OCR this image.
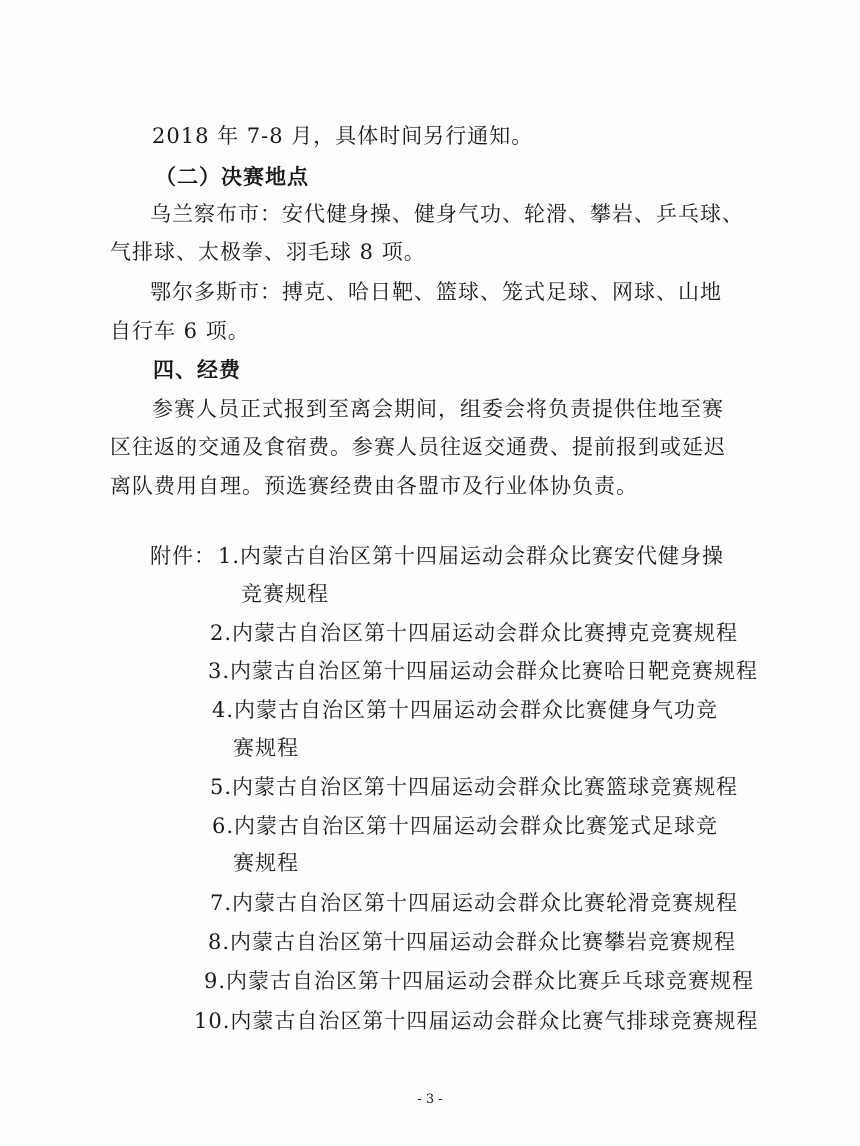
2018 年 7-8 月，具体时间另行通知。
（二）决赛地点
乌兰察布市：安代健身操、健身气功、轮滑、攀岩、乒乓球、
气排球、太极拳、羽毛球 8 项。
鄂尔多斯市：搏克、哈日靶、篮球、笼式足球、网球、山地
自行车 6 项。
四、经费
参赛人员正式报到至离会期间，组委会将负责提供住地至赛
区往返的交通及食宿费。参赛人员往返交通费、提前报到或延迟
离队费用自理。预选赛经费由各盟市及行业体协负责。
附件： 1.内蒙古自治区第十四届运动会群众比赛安代健身操
竞赛规程
2.内蒙古自治区第十四届运动会群众比赛搏克竞赛规程
3.内蒙古自治区第十四届运动会群众比赛哈日靶竞赛规程
4.内蒙古自治区第十四届运动会群众比赛健身气功竞
赛规程
5.内蒙古自治区第十四届运动会群众比赛篮球竞赛规程
6.内蒙古自治区第十四届运动会群众比赛笼式足球竞
赛规程
7.内蒙古自治区第十四届运动会群众比赛轮滑竞赛规程
8.内蒙古自治区第十四届运动会群众比赛攀岩竞赛规程
9.内蒙古自治区第十四届运动会群众比赛乒乓球竞赛规程
10.内蒙古自治区第十四届运动会群众比赛气排球竞赛规程
- 3 -
